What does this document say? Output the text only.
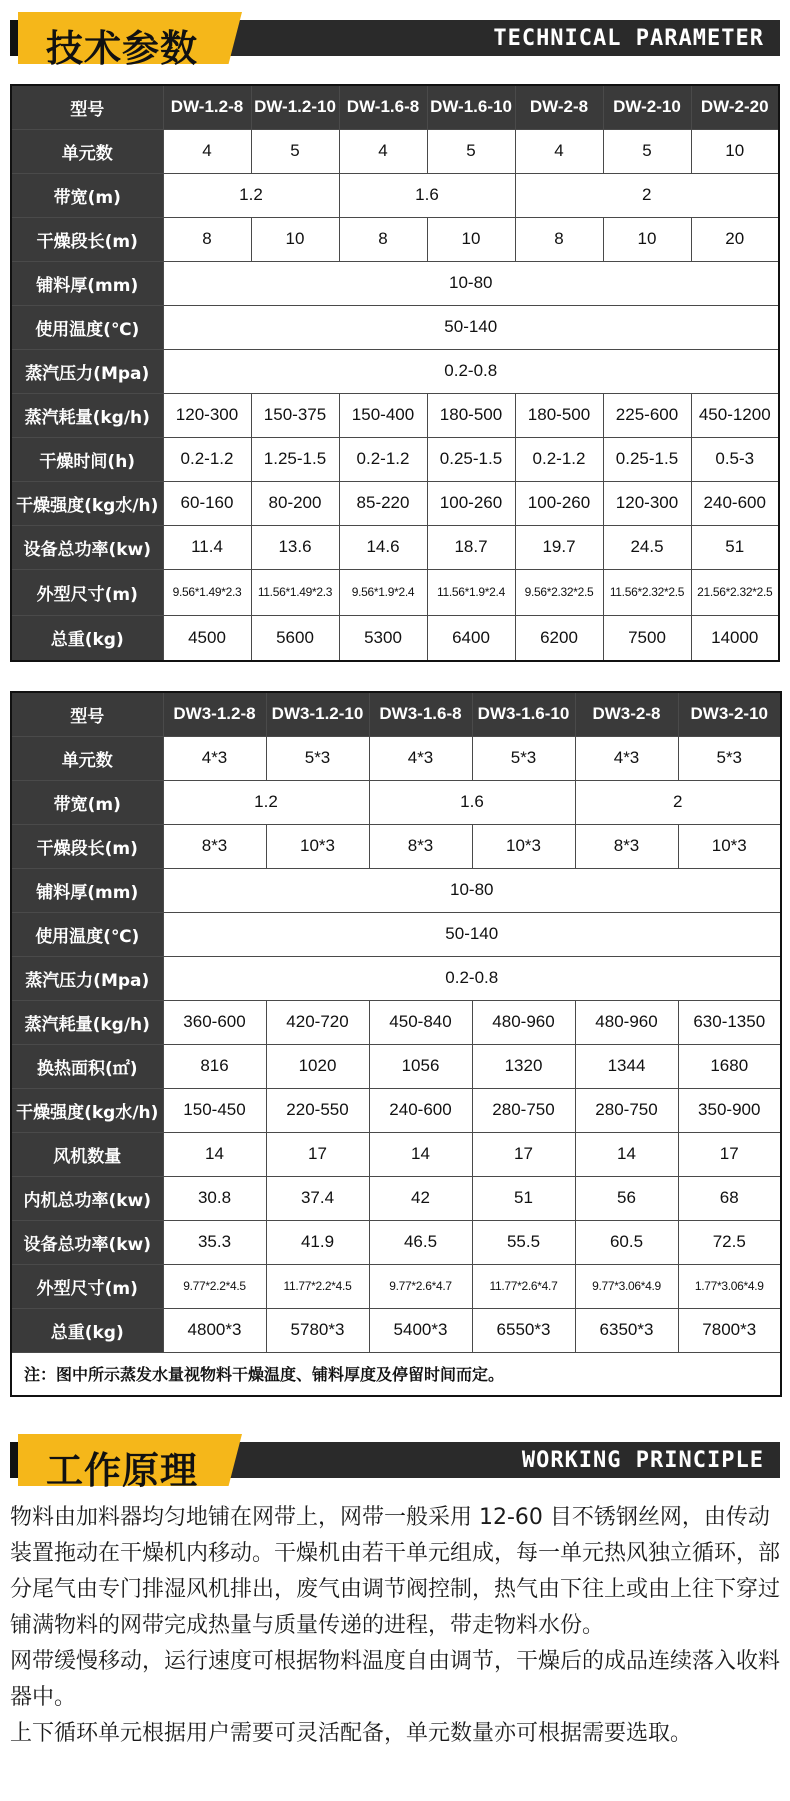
技术参数	TECHNICAL PARAMETER
型号	DW-1.2-8	DW-1.2-10	DW-1.6-8	DW-1.6-10	DW-2-8	DW-2-10	DW-2-20
单元数	4	5	4	5	4	5	10
带宽(m)	1.2		1.6		2		
干燥段长(m)	8	10	8	10	8	10	20
铺料厚(mm)	10-80						
使用温度(℃)	50-140						
蒸汽压力(Mpa)	0.2-0.8						
蒸汽耗量(kg/h)	120-300	150-375	150-400	180-500	180-500	225-600	450-1200
干燥时间(h)	0.2-1.2	1.25-1.5	0.2-1.2	0.25-1.5	0.2-1.2	0.25-1.5	0.5-3
干燥强度(kg水/h)	60-160	80-200	85-220	100-260	100-260	120-300	240-600
设备总功率(kw)	11.4	13.6	14.6	18.7	19.7	24.5	51
外型尺寸(m)	9.56*1.49*2.3	11.56*1.49*2.3	9.56*1.9*2.4	11.56*1.9*2.4	9.56*2.32*2.5	11.56*2.32*2.5	21.56*2.32*2.5
总重(kg)	4500	5600	5300	6400	6200	7500	14000
型号	DW3-1.2-8	DW3-1.2-10	DW3-1.6-8	DW3-1.6-10	DW3-2-8	DW3-2-10
单元数	4*3	5*3	4*3	5*3	4*3	5*3
带宽(m)	1.2		1.6		2	
干燥段长(m)	8*3	10*3	8*3	10*3	8*3	10*3
铺料厚(mm)	10-80					
使用温度(℃)	50-140					
蒸汽压力(Mpa)	0.2-0.8					
蒸汽耗量(kg/h)	360-600	420-720	450-840	480-960	480-960	630-1350
换热面积(㎡)	816	1020	1056	1320	1344	1680
干燥强度(kg水/h)	150-450	220-550	240-600	280-750	280-750	350-900
风机数量	14	17	14	17	14	17
内机总功率(kw)	30.8	37.4	42	51	56	68
设备总功率(kw)	35.3	41.9	46.5	55.5	60.5	72.5
外型尺寸(m)	9.77*2.2*4.5	11.77*2.2*4.5	9.77*2.6*4.7	11.77*2.6*4.7	9.77*3.06*4.9	1.77*3.06*4.9
总重(kg)	4800*3	5780*3	5400*3	6550*3	6350*3	7800*3
注：图中所示蒸发水量视物料干燥温度、铺料厚度及停留时间而定。						
工作原理	WORKING PRINCIPLE

物料由加料器均匀地铺在网带上，网带一般采用 12-60 目不锈钢丝网，由传动装置拖动在干燥机内移动。干燥机由若干单元组成，每一单元热风独立循环，部分尾气由专门排湿风机排出，废气由调节阀控制，热气由下往上或由上往下穿过铺满物料的网带完成热量与质量传递的进程，带走物料水份。

网带缓慢移动，运行速度可根据物料温度自由调节，干燥后的成品连续落入收料器中。

上下循环单元根据用户需要可灵活配备，单元数量亦可根据需要选取。
